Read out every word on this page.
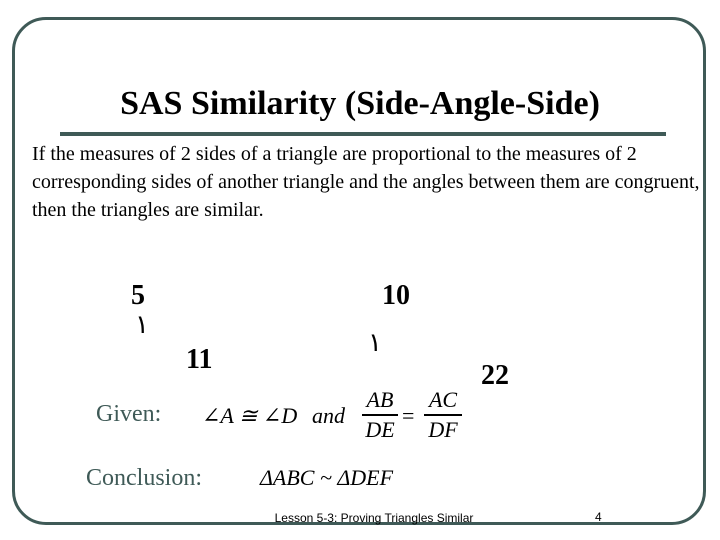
SAS Similarity (Side-Angle-Side)
If the measures of 2 sides of a triangle are proportional to the measures of 2 corresponding sides of another triangle and the angles between them are congruent, then the triangles are similar.
5
١
11
10
١
22
Given: ∠A ≅ ∠D and
AB
DE
=
AC
DF
Conclusion:	ΔABC ~ ΔDEF
Lesson 5-3: Proving Triangles Similar	4
